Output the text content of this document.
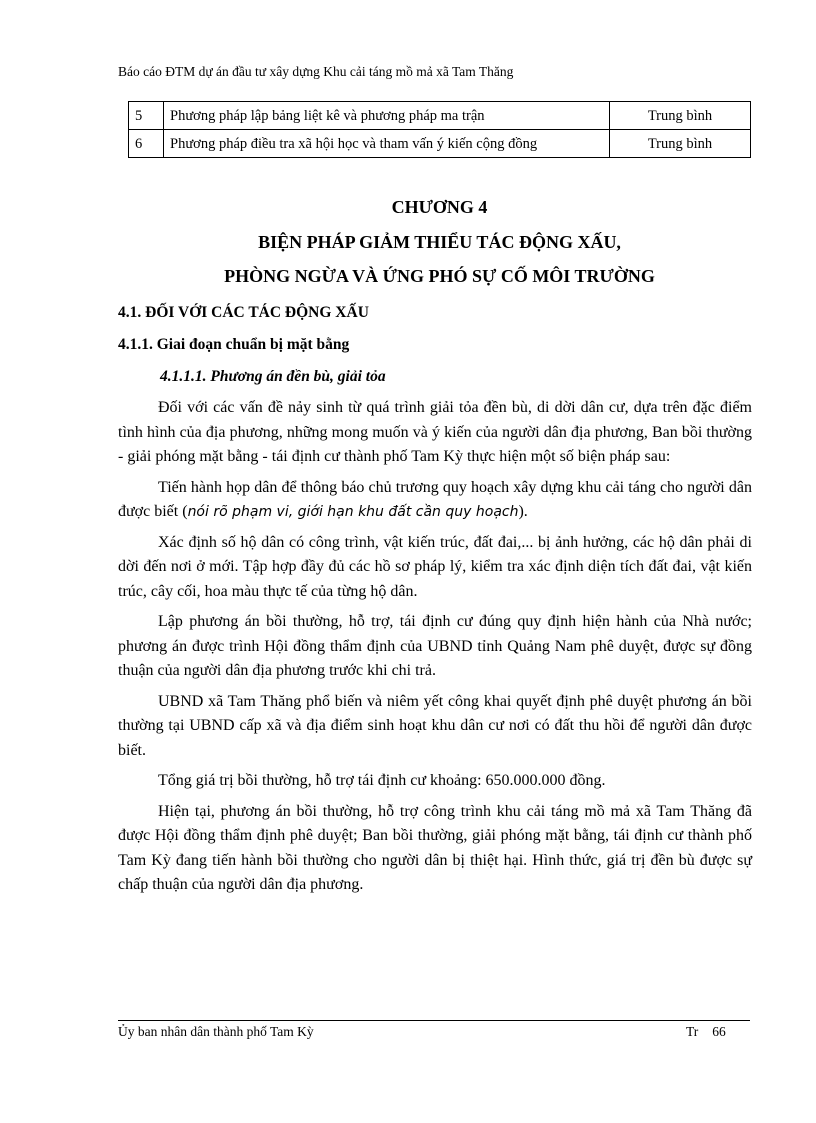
Báo cáo ĐTM dự án đầu tư xây dựng Khu cải táng mồ mả xã Tam Thăng
5	Phương pháp lập bảng liệt kê và phương pháp ma trận	Trung bình
6	Phương pháp điều tra xã hội học và tham vấn ý kiến cộng đồng	Trung bình
CHƯƠNG 4
BIỆN PHÁP GIẢM THIỂU TÁC ĐỘNG XẤU,
PHÒNG NGỪA VÀ ỨNG PHÓ SỰ CỐ MÔI TRƯỜNG
4.1. ĐỐI VỚI CÁC TÁC ĐỘNG XẤU
4.1.1. Giai đoạn chuẩn bị mặt bằng
4.1.1.1. Phương án đền bù, giải tỏa

Đối với các vấn đề nảy sinh từ quá trình giải tỏa đền bù, di dời dân cư, dựa trên đặc điểm tình hình của địa phương, những mong muốn và ý kiến của người dân địa phương, Ban bồi thường - giải phóng mặt bằng - tái định cư thành phố Tam Kỳ thực hiện một số biện pháp sau:

Tiến hành họp dân để thông báo chủ trương quy hoạch xây dựng khu cải táng cho người dân được biết (nói rõ phạm vi, giới hạn khu đất cần quy hoạch).

Xác định số hộ dân có công trình, vật kiến trúc, đất đai,... bị ảnh hưởng, các hộ dân phải di dời đến nơi ở mới. Tập hợp đầy đủ các hồ sơ pháp lý, kiểm tra xác định diện tích đất đai, vật kiến trúc, cây cối, hoa màu thực tế của từng hộ dân.

Lập phương án bồi thường, hỗ trợ, tái định cư đúng quy định hiện hành của Nhà nước; phương án được trình Hội đồng thẩm định của UBND tỉnh Quảng Nam phê duyệt, được sự đồng thuận của người dân địa phương trước khi chi trả.

UBND xã Tam Thăng phổ biến và niêm yết công khai quyết định phê duyệt phương án bồi thường tại UBND cấp xã và địa điểm sinh hoạt khu dân cư nơi có đất thu hồi để người dân được biết.

Tổng giá trị bồi thường, hỗ trợ tái định cư khoảng: 650.000.000 đồng.

Hiện tại, phương án bồi thường, hỗ trợ công trình khu cải táng mồ mả xã Tam Thăng đã được Hội đồng thẩm định phê duyệt; Ban bồi thường, giải phóng mặt bằng, tái định cư thành phố Tam Kỳ đang tiến hành bồi thường cho người dân bị thiệt hại. Hình thức, giá trị đền bù được sự chấp thuận của người dân địa phương.

Ủy ban nhân dân thành phố Tam Kỳ	Tr 66
